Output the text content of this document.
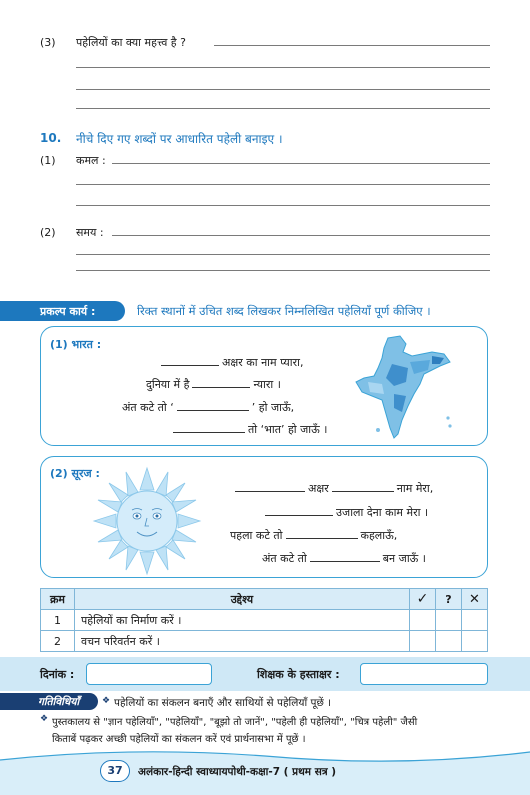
(3) पहेलियों का क्या महत्त्व है ?
10. नीचे दिए गए शब्दों पर आधारित पहेली बनाइए ।
(1) कमल :
(2) समय :
प्रकल्प कार्य :	रिक्त स्थानों में उचित शब्द लिखकर निम्नलिखित पहेलियाँ पूर्ण कीजिए ।
(1) भारत :
अक्षर का नाम प्यारा,
दुनिया में है	न्यारा ।
अंत कटे तो ‘	’ हो जाऊँ,
तो ‘भात’ हो जाऊँ ।
(2) सूरज :
अक्षर	नाम मेरा,
उजाला देना काम मेरा ।
पहला कटे तो	कहलाऊँ,
अंत कटे तो	बन जाऊँ ।
क्रम	उद्देश्य	✓	?	✕
1	पहेलियों का निर्माण करें ।			
2	वचन परिवर्तन करें ।			
दिनांक :	शिक्षक के हस्ताक्षर :
गतिविधियाँ	❖ पहेलियों का संकलन बनाएँ और साथियों से पहेलियाँ पूछें ।
❖ पुस्तकालय से "ज्ञान पहेलियाँ", "पहेलियाँ", "बूझो तो जानें", "पहेली ही पहेलियाँ", "चित्र पहेली" जैसी
किताबें पढ़कर अच्छी पहेलियों का संकलन करें एवं प्रार्थनासभा में पूछें ।
37	अलंकार-हिन्दी स्वाध्यायपोथी-कक्षा-7 ( प्रथम सत्र )
